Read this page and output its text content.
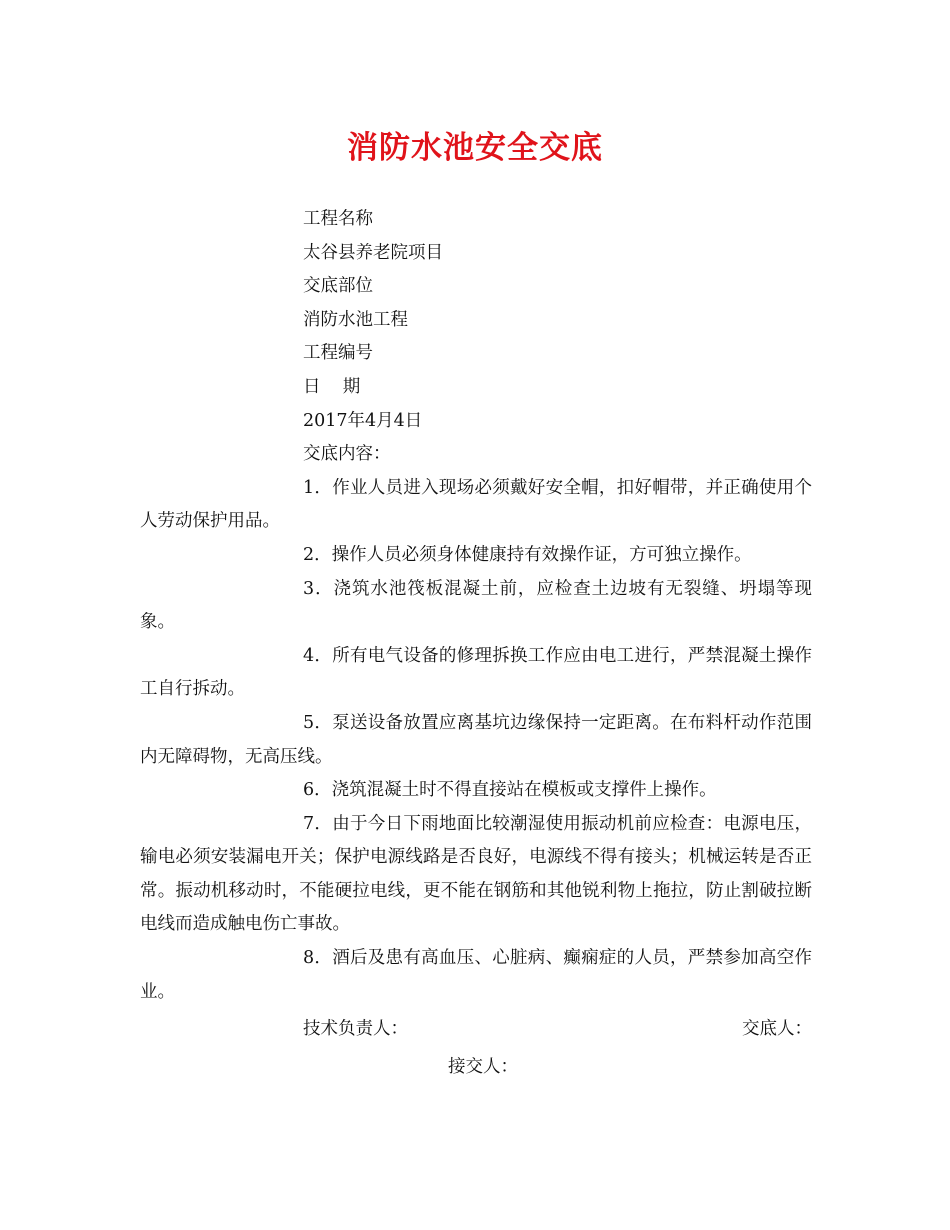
消防水池安全交底
工程名称
太谷县养老院项目
交底部位
消防水池工程
工程编号
日    期
2017年4月4日
交底内容：
1．作业人员进入现场必须戴好安全帽，扣好帽带，并正确使用个人劳动保护用品。
2．操作人员必须身体健康持有效操作证，方可独立操作。
3．浇筑水池筏板混凝土前，应检查土边坡有无裂缝、坍塌等现象。
4．所有电气设备的修理拆换工作应由电工进行，严禁混凝土操作工自行拆动。
5．泵送设备放置应离基坑边缘保持一定距离。在布料杆动作范围内无障碍物，无高压线。
6．浇筑混凝土时不得直接站在模板或支撑件上操作。
7．由于今日下雨地面比较潮湿使用振动机前应检查：电源电压，输电必须安装漏电开关；保护电源线路是否良好，电源线不得有接头；机械运转是否正常。振动机移动时，不能硬拉电线，更不能在钢筋和其他锐利物上拖拉，防止割破拉断电线而造成触电伤亡事故。
8．酒后及患有高血压、心脏病、癫痫症的人员，严禁参加高空作业。
技术负责人：	交底人：
接交人：
